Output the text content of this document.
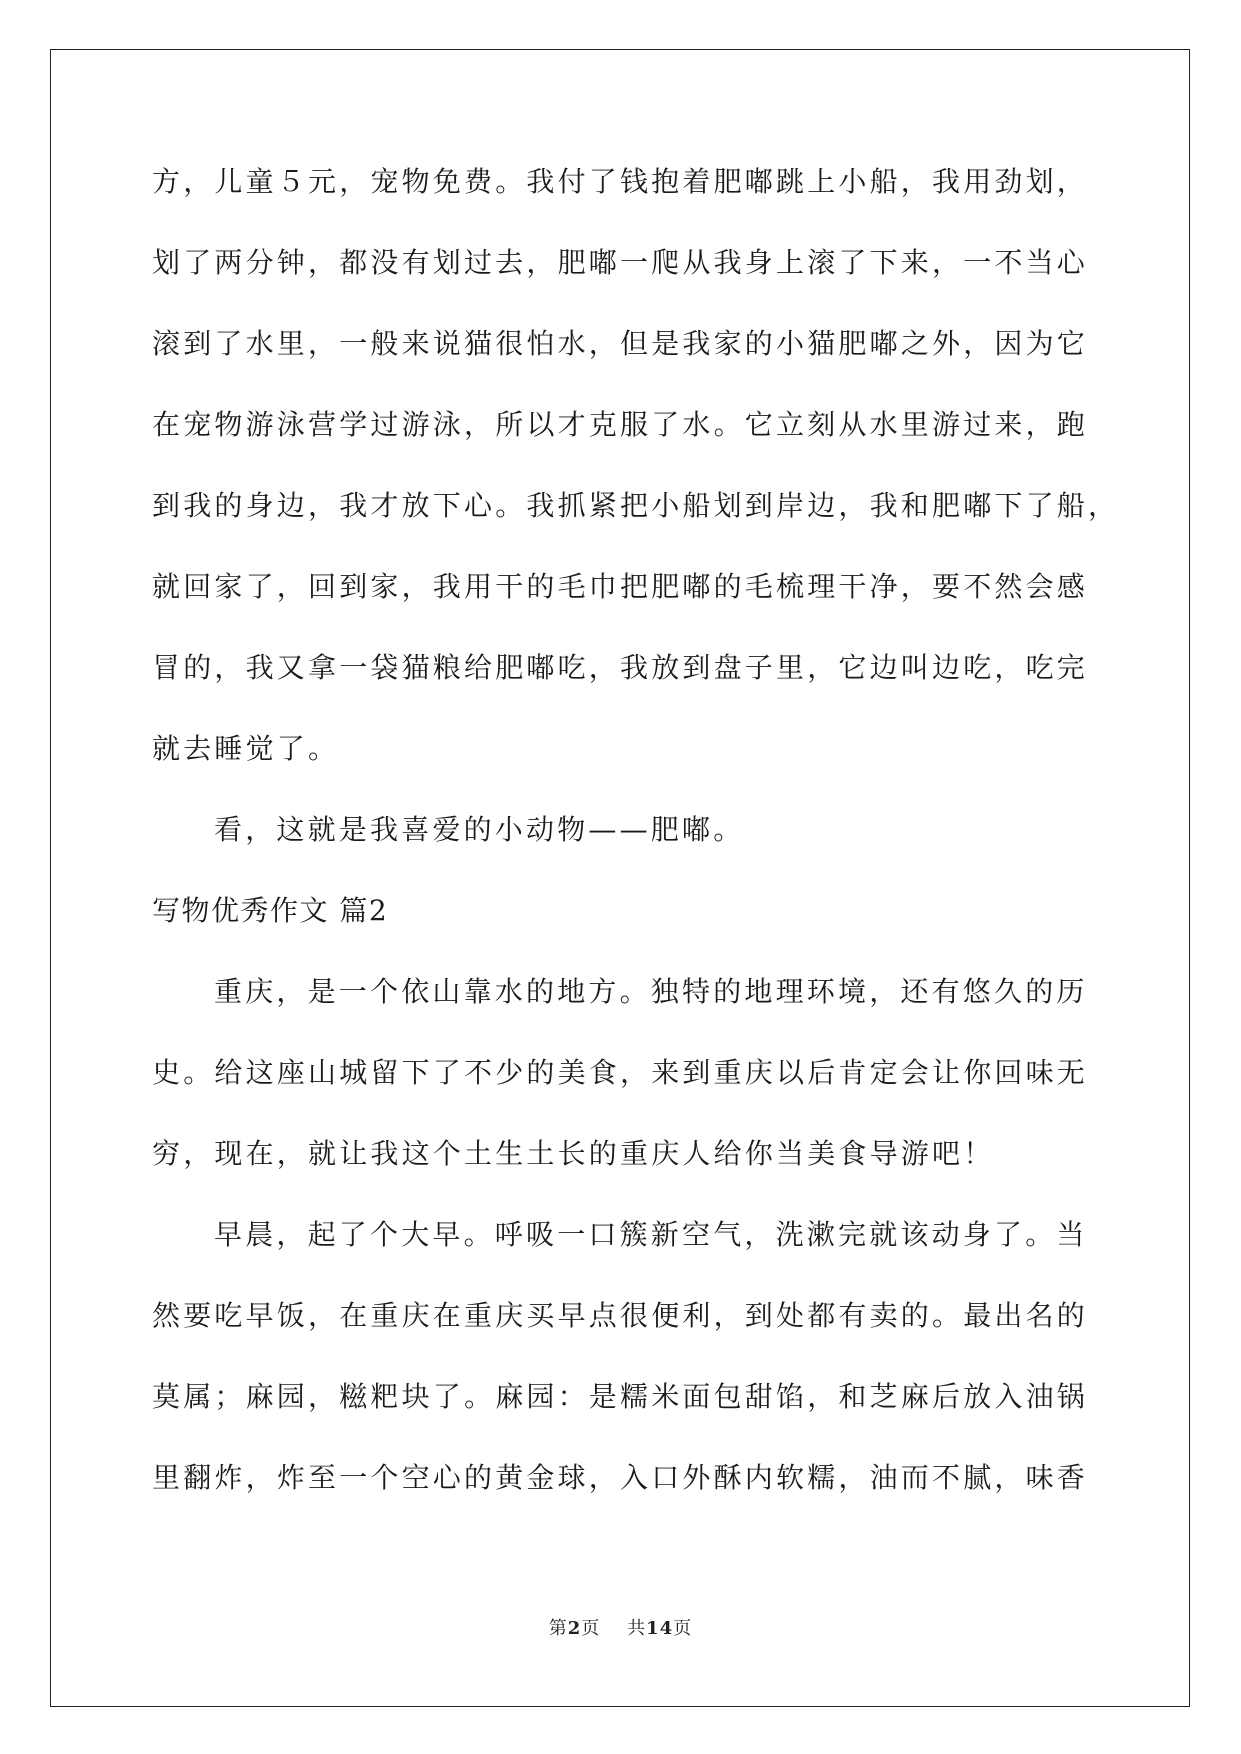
方，儿童５元，宠物免费。我付了钱抱着肥嘟跳上小船，我用劲划，
划了两分钟，都没有划过去，肥嘟一爬从我身上滚了下来，一不当心
滚到了水里，一般来说猫很怕水，但是我家的小猫肥嘟之外，因为它
在宠物游泳营学过游泳，所以才克服了水。它立刻从水里游过来，跑
到我的身边，我才放下心。我抓紧把小船划到岸边，我和肥嘟下了船，
就回家了，回到家，我用干的毛巾把肥嘟的毛梳理干净，要不然会感
冒的，我又拿一袋猫粮给肥嘟吃，我放到盘子里，它边叫边吃，吃完
就去睡觉了。
看，这就是我喜爱的小动物——肥嘟。
写物优秀作文 篇2
重庆，是一个依山靠水的地方。独特的地理环境，还有悠久的历
史。给这座山城留下了不少的美食，来到重庆以后肯定会让你回味无
穷，现在，就让我这个土生土长的重庆人给你当美食导游吧！
早晨，起了个大早。呼吸一口簇新空气，洗漱完就该动身了。当
然要吃早饭，在重庆在重庆买早点很便利，到处都有卖的。最出名的
莫属；麻园，糍粑块了。麻园：是糯米面包甜馅，和芝麻后放入油锅
里翻炸，炸至一个空心的黄金球，入口外酥内软糯，油而不腻，味香
第2页 共14页
